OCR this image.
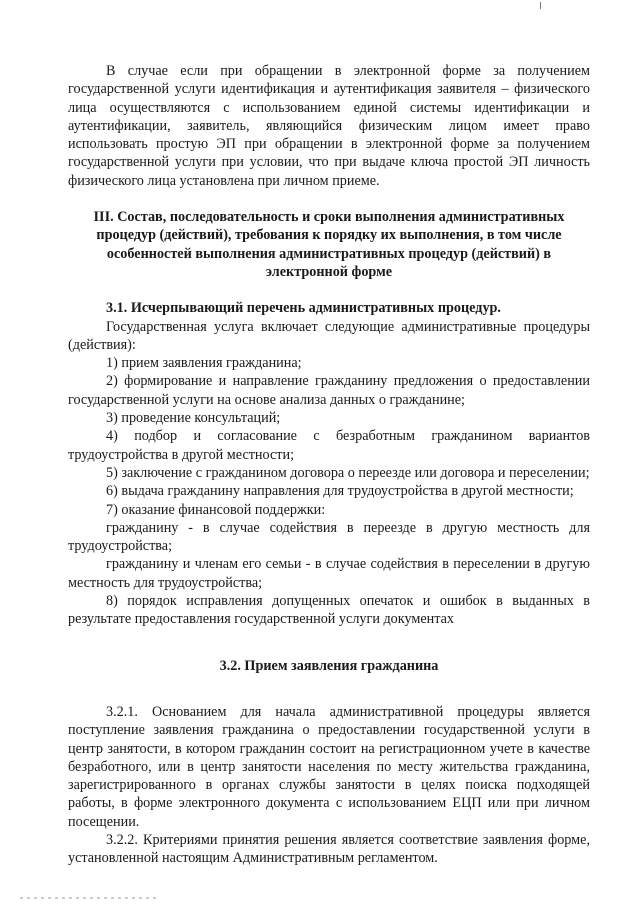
В случае если при обращении в электронной форме за получением государственной услуги идентификация и аутентификация заявителя – физического лица осуществляются с использованием единой системы идентификации и аутентификации, заявитель, являющийся физическим лицом имеет право использовать простую ЭП при обращении в электронной форме за получением государственной услуги при условии, что при выдаче ключа простой ЭП личность физического лица установлена при личном приеме.

III. Состав, последовательность и сроки выполнения административных процедур (действий), требования к порядку их выполнения, в том числе особенностей выполнения административных процедур (действий) в электронной форме

3.1. Исчерпывающий перечень административных процедур.

Государственная услуга включает следующие административные процедуры (действия):

1) прием заявления гражданина;

2) формирование и направление гражданину предложения о предоставлении государственной услуги на основе анализа данных о гражданине;

3) проведение консультаций;

4) подбор и согласование с безработным гражданином вариантов трудоустройства в другой местности;

5) заключение с гражданином договора о переезде или договора и переселении;

6) выдача гражданину направления для трудоустройства в другой местности;

7) оказание финансовой поддержки:

гражданину - в случае содействия в переезде в другую местность для трудоустройства;

гражданину и членам его семьи - в случае содействия в переселении в другую местность для трудоустройства;

8) порядок исправления допущенных опечаток и ошибок в выданных в результате предоставления государственной услуги документах

3.2. Прием заявления гражданина

3.2.1. Основанием для начала административной процедуры является поступление заявления гражданина о предоставлении государственной услуги в центр занятости, в котором гражданин состоит на регистрационном учете в качестве безработного, или в центр занятости населения по месту жительства гражданина, зарегистрированного в органах службы занятости в целях поиска подходящей работы, в форме электронного документа с использованием ЕЦП или при личном посещении.

3.2.2. Критериями принятия решения является соответствие заявления форме, установленной настоящим Административным регламентом.
